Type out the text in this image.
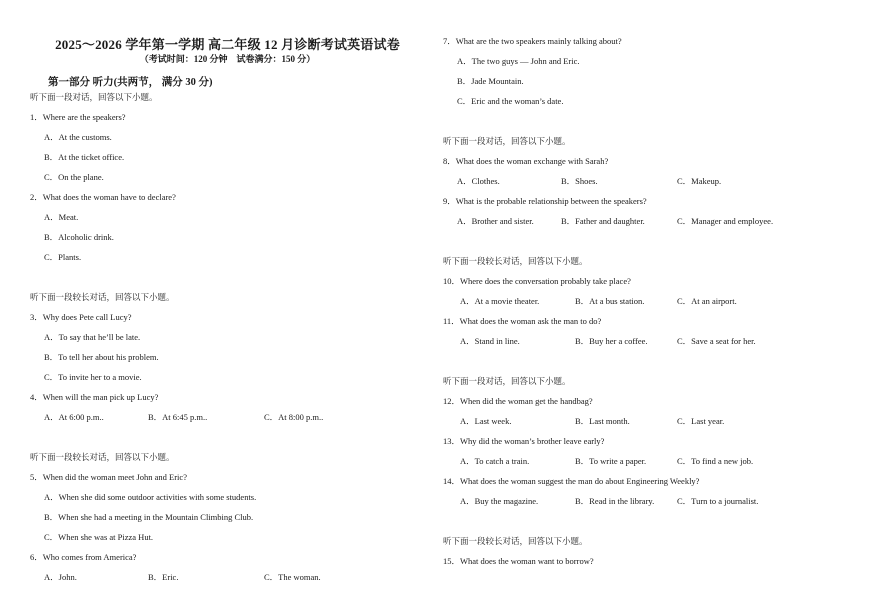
2025～2026 学年第一学期 高二年级 12 月诊断考试英语试卷
（考试时间：120 分钟　试卷满分：150 分）
第一部分 听力(共两节， 满分 30 分)
听下面一段对话，回答以下小题。
1．Where are the speakers?
A．At the customs.
B．At the ticket office.
C．On the plane.
2．What does the woman have to declare?
A．Meat.
B．Alcoholic drink.
C．Plants.
听下面一段较长对话，回答以下小题。
3．Why does Pete call Lucy?
A．To say that he’ll be late.
B．To tell her about his problem.
C．To invite her to a movie.
4．When will the man pick up Lucy?
A．At 6:00 p.m..	B．At 6:45 p.m..	C．At 8:00 p.m..
听下面一段较长对话，回答以下小题。
5．When did the woman meet John and Eric?
A．When she did some outdoor activities with some students.
B．When she had a meeting in the Mountain Climbing Club.
C．When she was at Pizza Hut.
6．Who comes from America?
A．John.	B．Eric.	C．The woman.
7．What are the two speakers mainly talking about?
A．The two guys — John and Eric.
B．Jade Mountain.
C．Eric and the woman’s date.
听下面一段对话，回答以下小题。
8．What does the woman exchange with Sarah?
A．Clothes.	B．Shoes.	C．Makeup.
9．What is the probable relationship between the speakers?
A．Brother and sister.	B．Father and daughter.	C．Manager and employee.
听下面一段较长对话，回答以下小题。
10．Where does the conversation probably take place?
A．At a movie theater.	B．At a bus station.	C．At an airport.
11．What does the woman ask the man to do?
A．Stand in line.	B．Buy her a coffee.	C．Save a seat for her.
听下面一段对话，回答以下小题。
12．When did the woman get the handbag?
A．Last week.	B．Last month.	C．Last year.
13．Why did the woman’s brother leave early?
A．To catch a train.	B．To write a paper.	C．To find a new job.
14．What does the woman suggest the man do about Engineering Weekly?
A．Buy the magazine.	B．Read in the library.	C．Turn to a journalist.
听下面一段较长对话，回答以下小题。
15．What does the woman want to borrow?
